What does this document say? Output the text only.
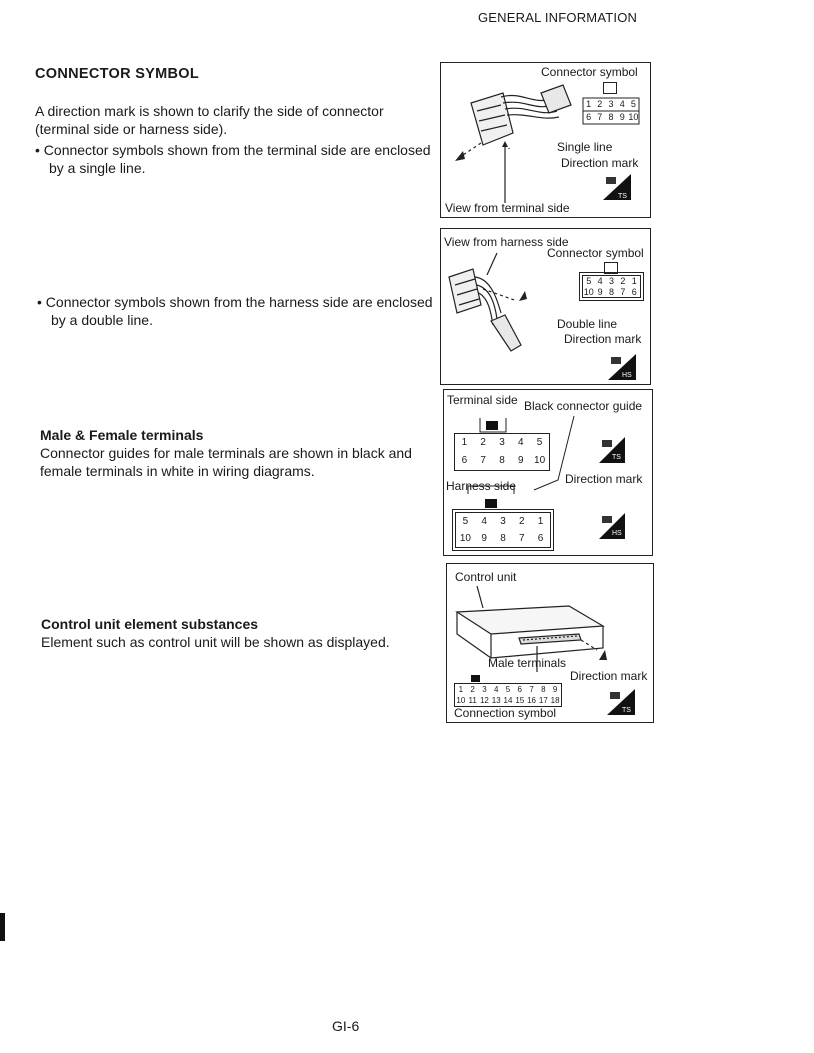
GENERAL INFORMATION
CONNECTOR SYMBOL
A direction mark is shown to clarify the side of connector (terminal side or harness side).
• Connector symbols shown from the terminal side are enclosed by a single line.
• Connector symbols shown from the harness side are enclosed by a double line.
Male & Female terminals
Connector guides for male terminals are shown in black and female terminals in white in wiring diagrams.
Control unit element substances
Element such as control unit will be shown as displayed.
Connector symbol
1 2 3 4 5
6 7 8 9 10
Single line
Direction mark
TS
View from terminal side
View from harness side
Connector symbol
5 4 3 2 1
10 9 8 7 6
Double line
Direction mark
HS
Terminal side Black connector guide
1	2	3	4	5
6	7	8	9	10	TS
Harness side	Direction mark
5	4	3	2	1
10	9	8	7	6	HS
Control unit
Male terminals
Direction mark
1 2 3 4 5 6 7 8 9
10 11 12 13 14 15 16 17 18
Connection symbol	TS
GI-6
